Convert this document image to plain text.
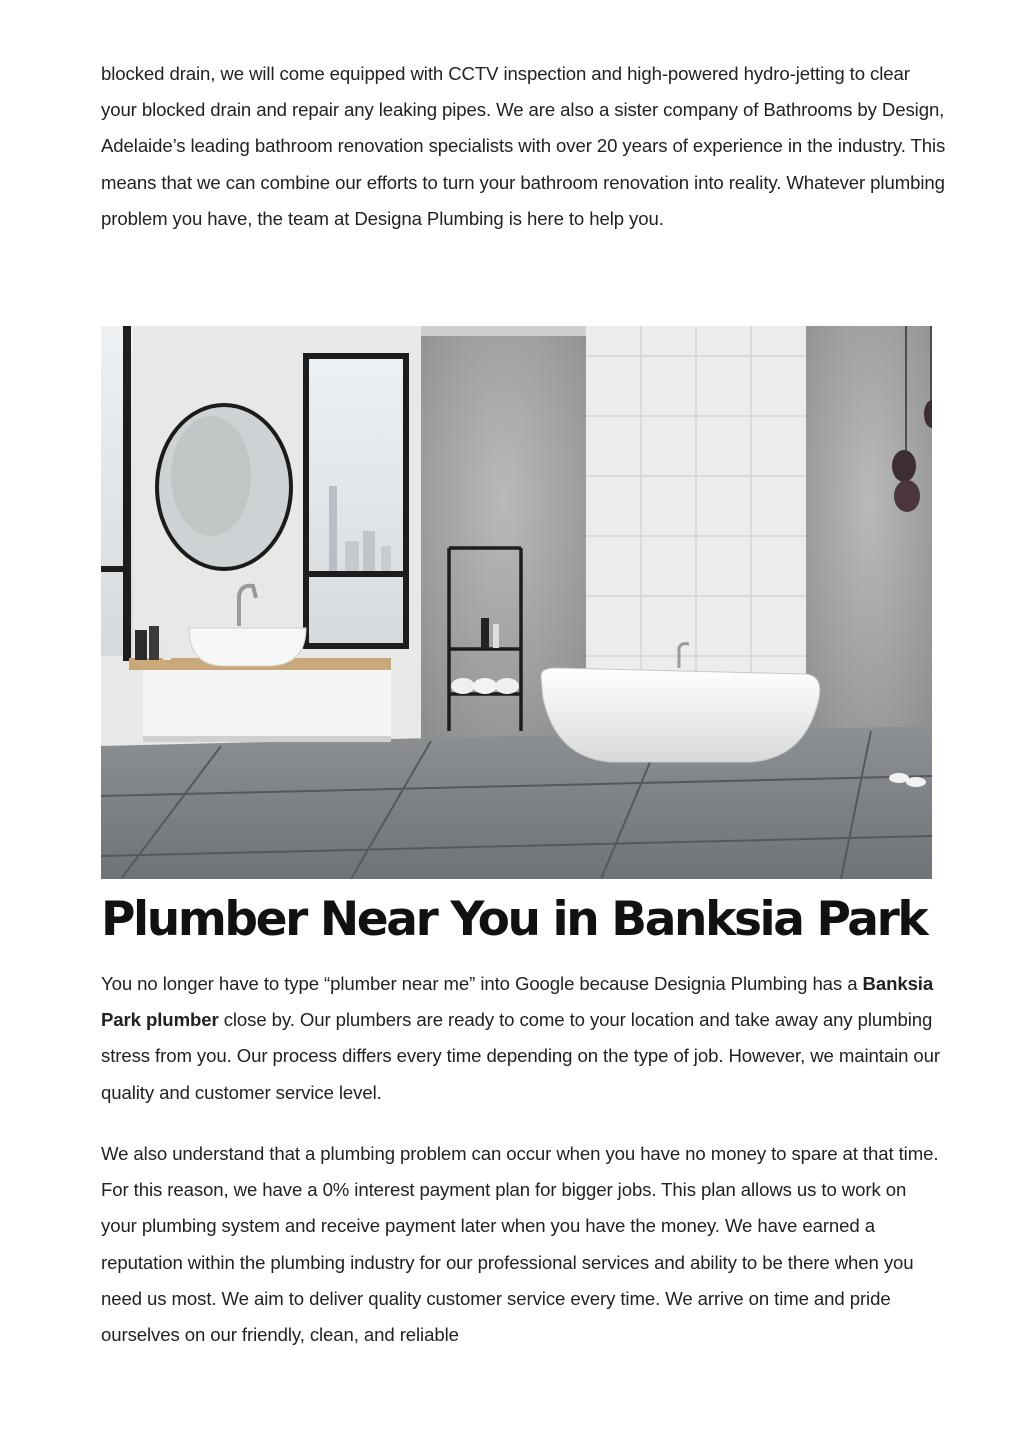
blocked drain, we will come equipped with CCTV inspection and high-powered hydro-jetting to clear your blocked drain and repair any leaking pipes. We are also a sister company of Bathrooms by Design, Adelaide’s leading bathroom renovation specialists with over 20 years of experience in the industry. This means that we can combine our efforts to turn your bathroom renovation into reality. Whatever plumbing problem you have, the team at Designa Plumbing is here to help you.

Plumber Near You in Banksia Park

You no longer have to type “plumber near me” into Google because Designia Plumbing has a Banksia Park plumber close by. Our plumbers are ready to come to your location and take away any plumbing stress from you. Our process differs every time depending on the type of job. However, we maintain our quality and customer service level.

We also understand that a plumbing problem can occur when you have no money to spare at that time. For this reason, we have a 0% interest payment plan for bigger jobs. This plan allows us to work on your plumbing system and receive payment later when you have the money. We have earned a reputation within the plumbing industry for our professional services and ability to be there when you need us most. We aim to deliver quality customer service every time. We arrive on time and pride ourselves on our friendly, clean, and reliable
